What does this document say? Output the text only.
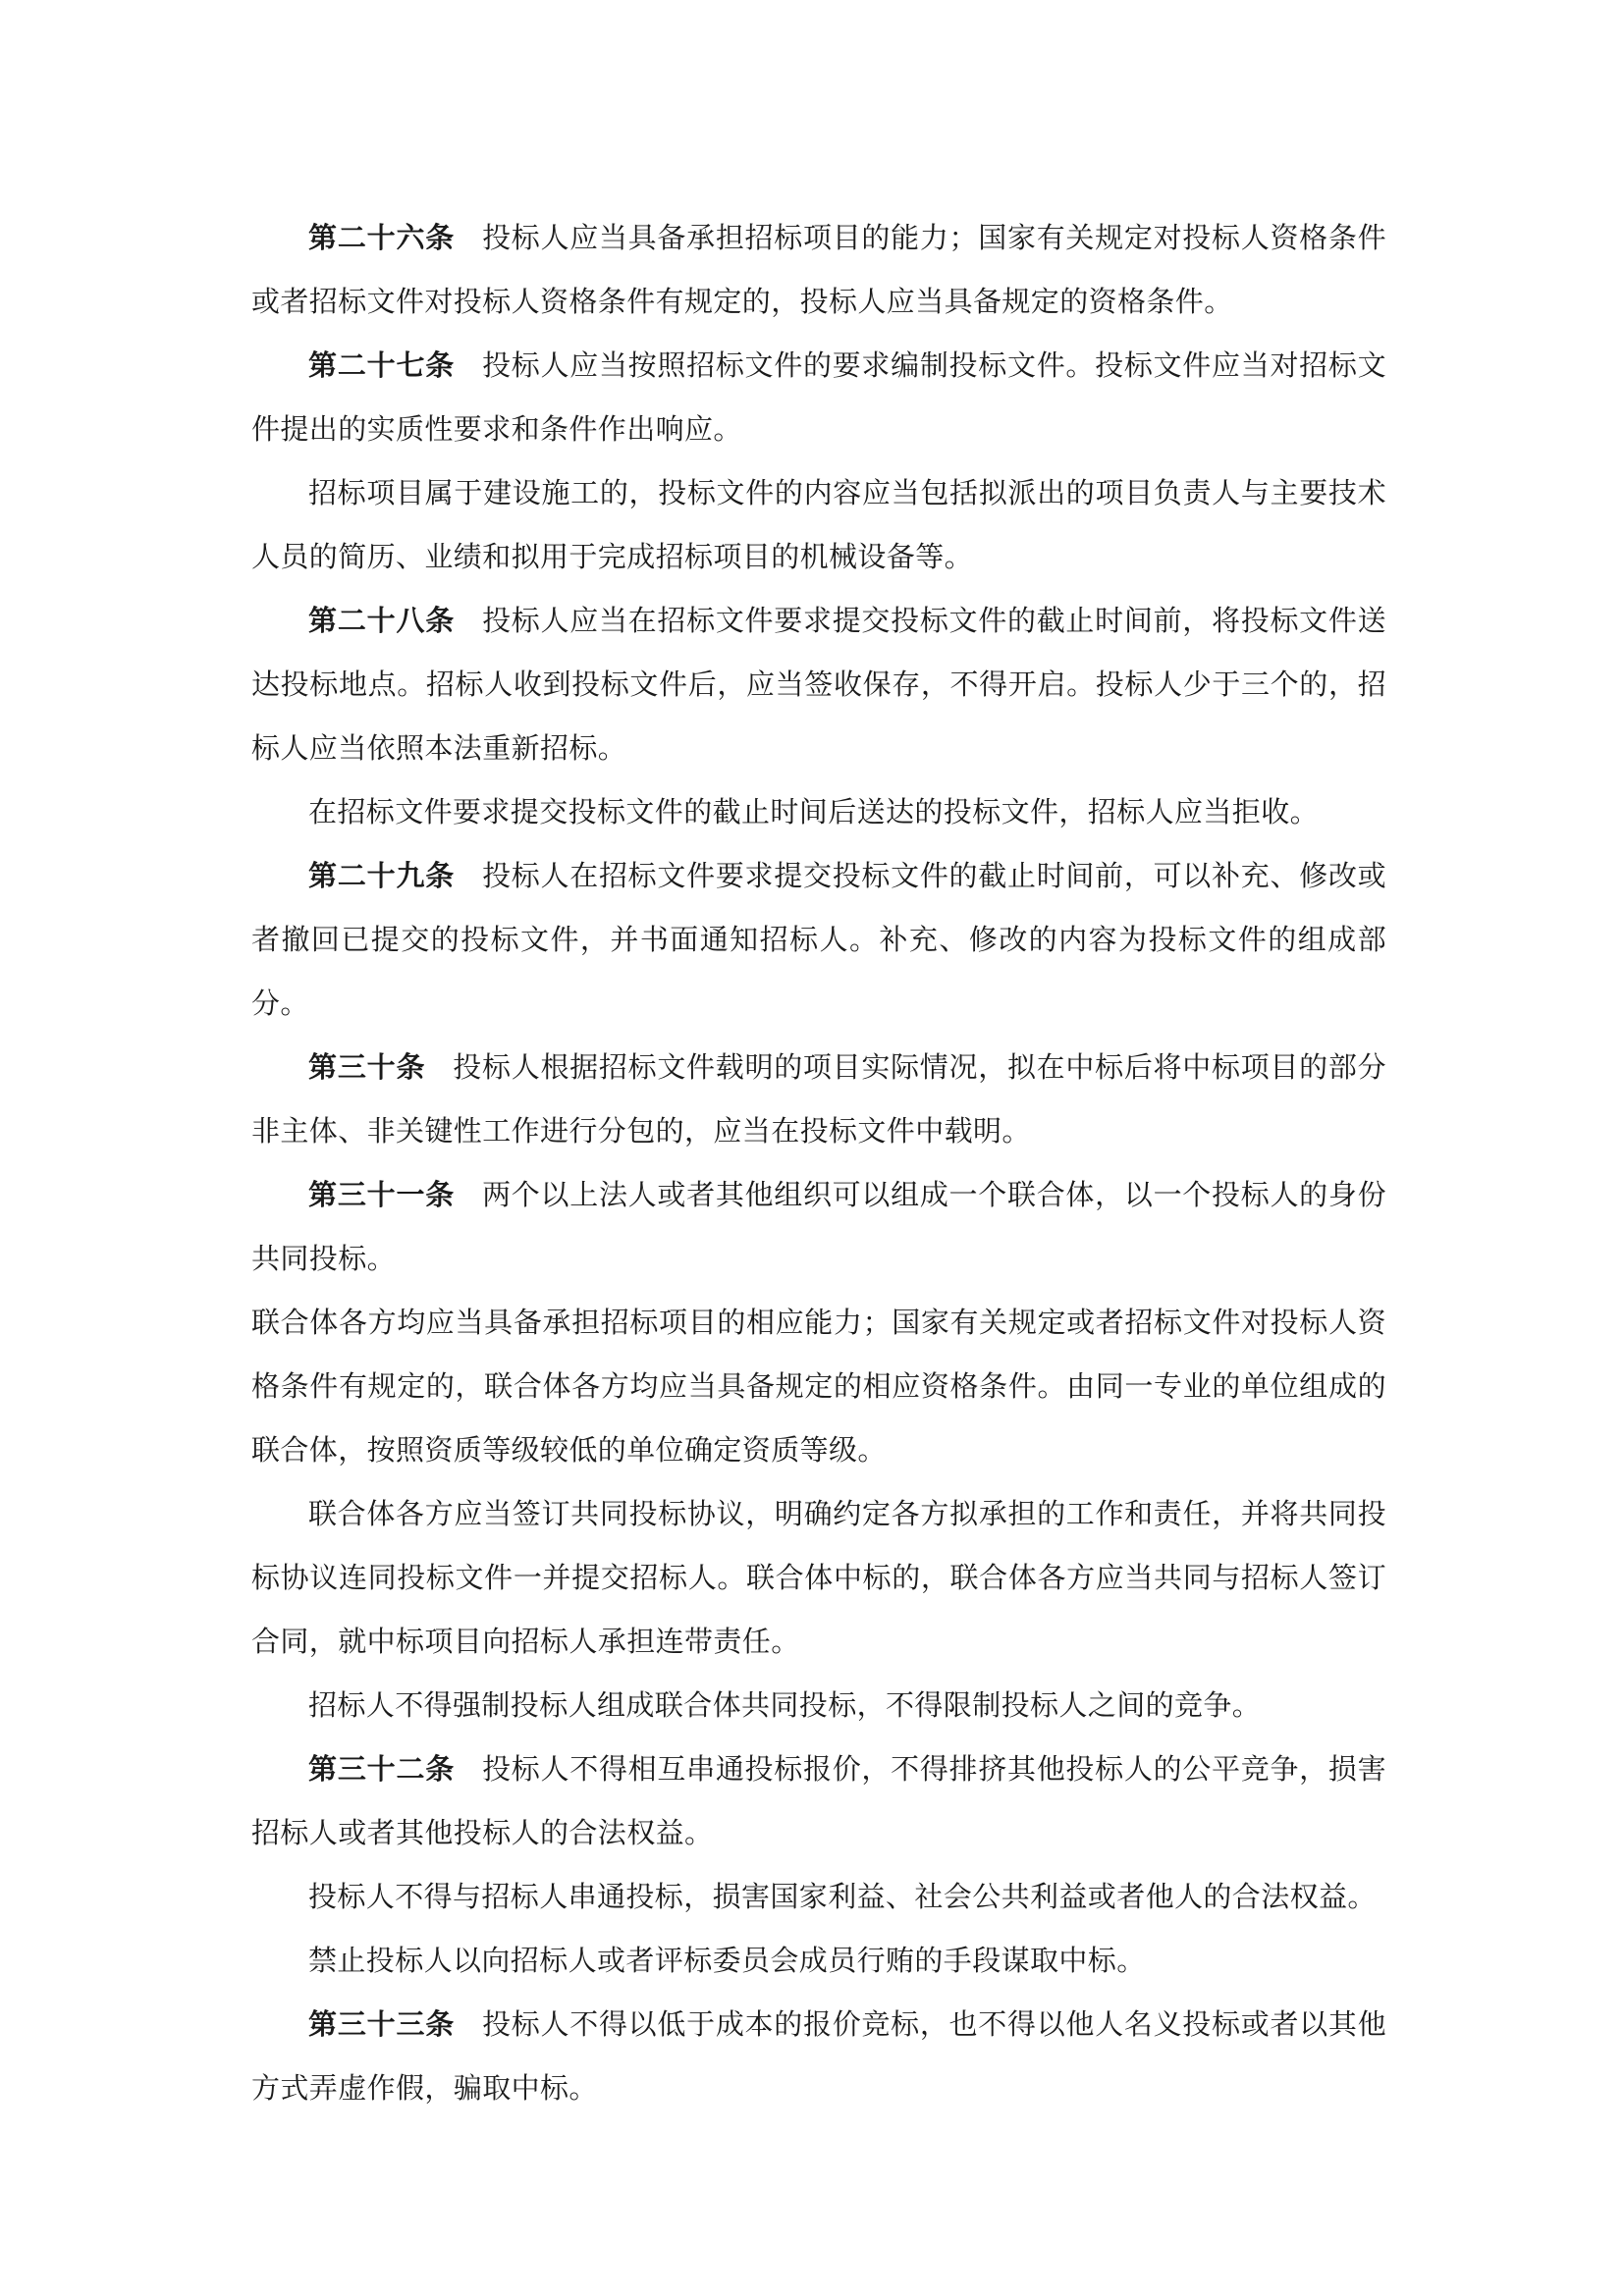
第二十六条 投标人应当具备承担招标项目的能力；国家有关规定对投标人资格条件或者招标文件对投标人资格条件有规定的，投标人应当具备规定的资格条件。

第二十七条 投标人应当按照招标文件的要求编制投标文件。投标文件应当对招标文件提出的实质性要求和条件作出响应。

招标项目属于建设施工的，投标文件的内容应当包括拟派出的项目负责人与主要技术人员的简历、业绩和拟用于完成招标项目的机械设备等。

第二十八条 投标人应当在招标文件要求提交投标文件的截止时间前，将投标文件送达投标地点。招标人收到投标文件后，应当签收保存，不得开启。投标人少于三个的，招标人应当依照本法重新招标。

在招标文件要求提交投标文件的截止时间后送达的投标文件，招标人应当拒收。

第二十九条 投标人在招标文件要求提交投标文件的截止时间前，可以补充、修改或者撤回已提交的投标文件，并书面通知招标人。补充、修改的内容为投标文件的组成部分。

第三十条 投标人根据招标文件载明的项目实际情况，拟在中标后将中标项目的部分非主体、非关键性工作进行分包的，应当在投标文件中载明。

第三十一条 两个以上法人或者其他组织可以组成一个联合体，以一个投标人的身份共同投标。

联合体各方均应当具备承担招标项目的相应能力；国家有关规定或者招标文件对投标人资格条件有规定的，联合体各方均应当具备规定的相应资格条件。由同一专业的单位组成的联合体，按照资质等级较低的单位确定资质等级。

联合体各方应当签订共同投标协议，明确约定各方拟承担的工作和责任，并将共同投标协议连同投标文件一并提交招标人。联合体中标的，联合体各方应当共同与招标人签订合同，就中标项目向招标人承担连带责任。

招标人不得强制投标人组成联合体共同投标，不得限制投标人之间的竞争。

第三十二条 投标人不得相互串通投标报价，不得排挤其他投标人的公平竞争，损害招标人或者其他投标人的合法权益。

投标人不得与招标人串通投标，损害国家利益、社会公共利益或者他人的合法权益。

禁止投标人以向招标人或者评标委员会成员行贿的手段谋取中标。

第三十三条 投标人不得以低于成本的报价竞标，也不得以他人名义投标或者以其他方式弄虚作假，骗取中标。
